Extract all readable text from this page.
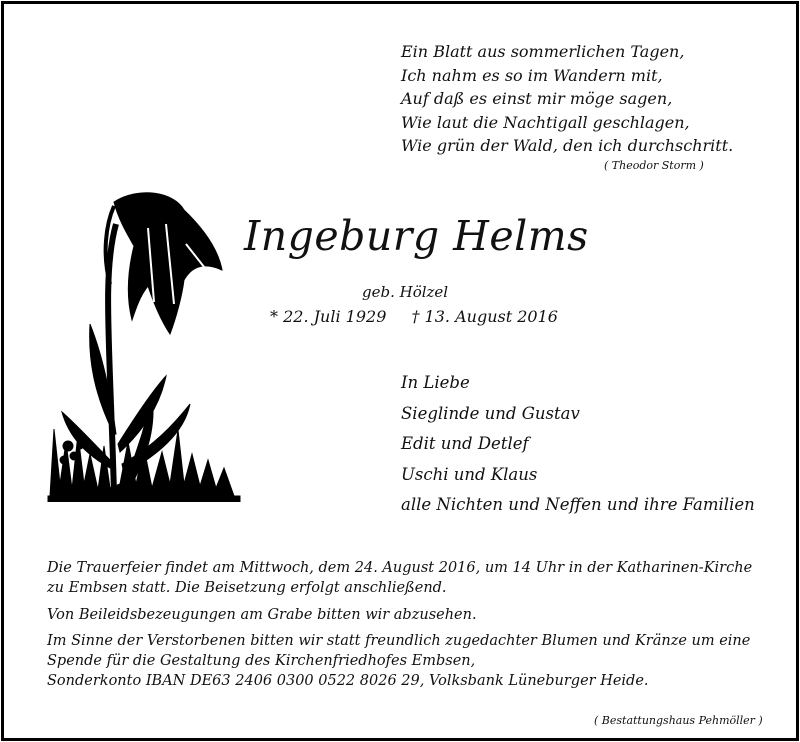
Ein Blatt aus sommerlichen Tagen,
Ich nahm es so im Wandern mit,
Auf daß es einst mir möge sagen,
Wie laut die Nachtigall geschlagen,
Wie grün der Wald, den ich durchschritt.
( Theodor Storm )
Ingeburg Helms
geb. Hölzel
* 22. Juli 1929 † 13. August 2016
In Liebe
Sieglinde und Gustav
Edit und Detlef
Uschi und Klaus
alle Nichten und Neffen und ihre Familien

Die Trauerfeier findet am Mittwoch, dem 24. August 2016, um 14 Uhr in der Katharinen-Kirche
zu Embsen statt. Die Beisetzung erfolgt anschließend.

Von Beileidsbezeugungen am Grabe bitten wir abzusehen.

Im Sinne der Verstorbenen bitten wir statt freundlich zugedachter Blumen und Kränze um eine
Spende für die Gestaltung des Kirchenfriedhofes Embsen,
Sonderkonto IBAN DE63 2406 0300 0522 8026 29, Volksbank Lüneburger Heide.

( Bestattungshaus Pehmöller )
